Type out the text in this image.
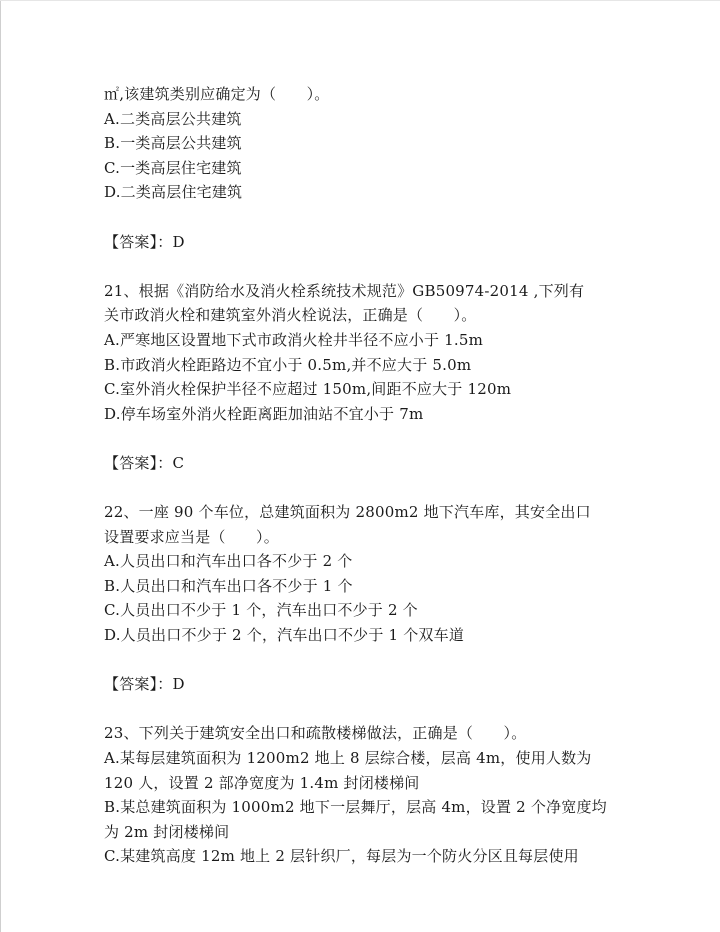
㎡,该建筑类别应确定为（　　）。
A.二类高层公共建筑
B.一类高层公共建筑
C.一类高层住宅建筑
D.二类高层住宅建筑
【答案】：D
21、根据《消防给水及消火栓系统技术规范》GB50974-2014 ,下列有
关市政消火栓和建筑室外消火栓说法，正确是（　　）。
A.严寒地区设置地下式市政消火栓井半径不应小于 1.5m
B.市政消火栓距路边不宜小于 0.5m,并不应大于 5.0m
C.室外消火栓保护半径不应超过 150m,间距不应大于 120m
D.停车场室外消火栓距离距加油站不宜小于 7m
【答案】：C
22、一座 90 个车位，总建筑面积为 2800m2 地下汽车库，其安全出口
设置要求应当是（　　）。
A.人员出口和汽车出口各不少于 2 个
B.人员出口和汽车出口各不少于 1 个
C.人员出口不少于 1 个，汽车出口不少于 2 个
D.人员出口不少于 2 个，汽车出口不少于 1 个双车道
【答案】：D
23、下列关于建筑安全出口和疏散楼梯做法，正确是（　　）。
A.某每层建筑面积为 1200m2 地上 8 层综合楼，层高 4m，使用人数为
120 人，设置 2 部净宽度为 1.4m 封闭楼梯间
B.某总建筑面积为 1000m2 地下一层舞厅，层高 4m，设置 2 个净宽度均
为 2m 封闭楼梯间
C.某建筑高度 12m 地上 2 层针织厂，每层为一个防火分区且每层使用
